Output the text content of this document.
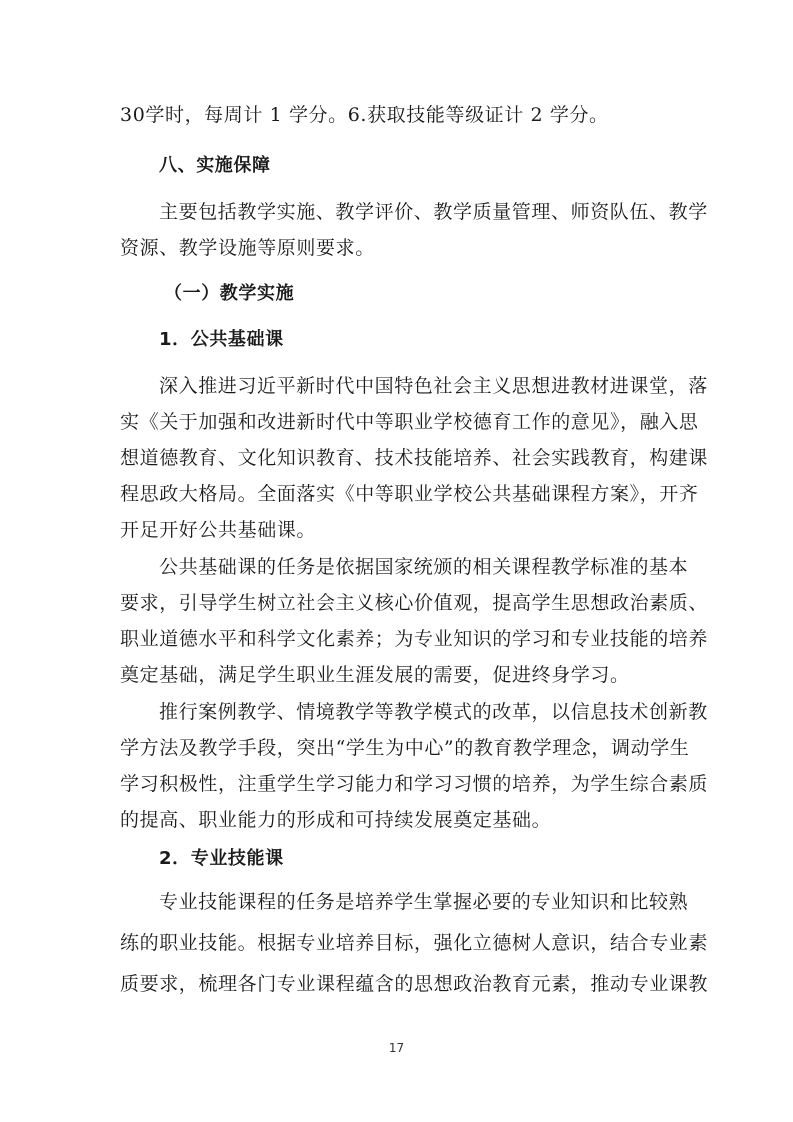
30学时，每周计 1 学分。6.获取技能等级证计 2 学分。
八、实施保障
主要包括教学实施、教学评价、教学质量管理、师资队伍、教学
资源、教学设施等原则要求。
（一）教学实施
1．公共基础课
深入推进习近平新时代中国特色社会主义思想进教材进课堂，落
实《关于加强和改进新时代中等职业学校德育工作的意见》，融入思
想道德教育、文化知识教育、技术技能培养、社会实践教育，构建课
程思政大格局。全面落实《中等职业学校公共基础课程方案》，开齐
开足开好公共基础课。
公共基础课的任务是依据国家统颁的相关课程教学标准的基本
要求，引导学生树立社会主义核心价值观，提高学生思想政治素质、
职业道德水平和科学文化素养；为专业知识的学习和专业技能的培养
奠定基础，满足学生职业生涯发展的需要，促进终身学习。
推行案例教学、情境教学等教学模式的改革，以信息技术创新教
学方法及教学手段，突出“学生为中心”的教育教学理念，调动学生
学习积极性，注重学生学习能力和学习习惯的培养，为学生综合素质
的提高、职业能力的形成和可持续发展奠定基础。
2．专业技能课
专业技能课程的任务是培养学生掌握必要的专业知识和比较熟
练的职业技能。根据专业培养目标，强化立德树人意识，结合专业素
质要求，梳理各门专业课程蕴含的思想政治教育元素，推动专业课教
17
